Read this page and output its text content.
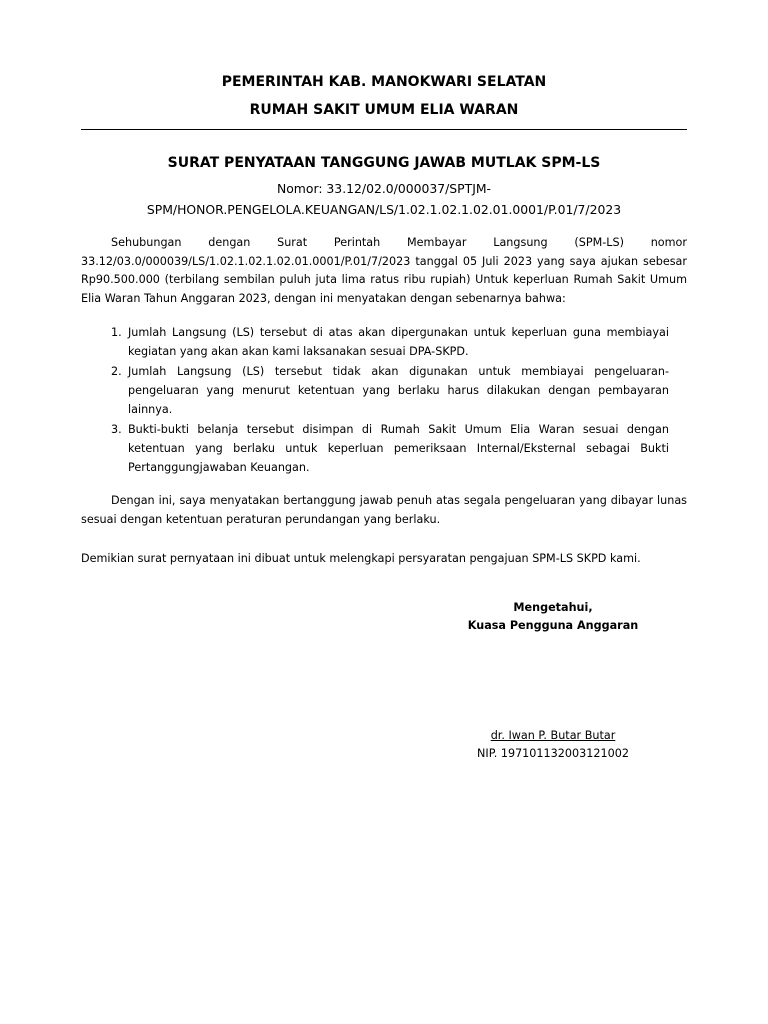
PEMERINTAH KAB. MANOKWARI SELATAN
RUMAH SAKIT UMUM ELIA WARAN
SURAT PENYATAAN TANGGUNG JAWAB MUTLAK SPM-LS
Nomor: 33.12/02.0/000037/SPTJM-
SPM/HONOR.PENGELOLA.KEUANGAN/LS/1.02.1.02.1.02.01.0001/P.01/7/2023
Sehubungan dengan Surat Perintah Membayar Langsung (SPM-LS) nomor 33.12/03.0/000039/LS/1.02.1.02.1.02.01.0001/P.01/7/2023 tanggal 05 Juli 2023 yang saya ajukan sebesar Rp90.500.000 (terbilang sembilan puluh juta lima ratus ribu rupiah) Untuk keperluan Rumah Sakit Umum Elia Waran Tahun Anggaran 2023, dengan ini menyatakan dengan sebenarnya bahwa:
1. Jumlah Langsung (LS) tersebut di atas akan dipergunakan untuk keperluan guna membiayai kegiatan yang akan akan kami laksanakan sesuai DPA-SKPD.
2. Jumlah Langsung (LS) tersebut tidak akan digunakan untuk membiayai pengeluaran-pengeluaran yang menurut ketentuan yang berlaku harus dilakukan dengan pembayaran lainnya.
3. Bukti-bukti belanja tersebut disimpan di Rumah Sakit Umum Elia Waran sesuai dengan ketentuan yang berlaku untuk keperluan pemeriksaan Internal/Eksternal sebagai Bukti Pertanggungjawaban Keuangan.
Dengan ini, saya menyatakan bertanggung jawab penuh atas segala pengeluaran yang dibayar lunas sesuai dengan ketentuan peraturan perundangan yang berlaku.
Demikian surat pernyataan ini dibuat untuk melengkapi persyaratan pengajuan SPM-LS SKPD kami.
Mengetahui,
Kuasa Pengguna Anggaran
dr. Iwan P. Butar Butar
NIP. 197101132003121002
